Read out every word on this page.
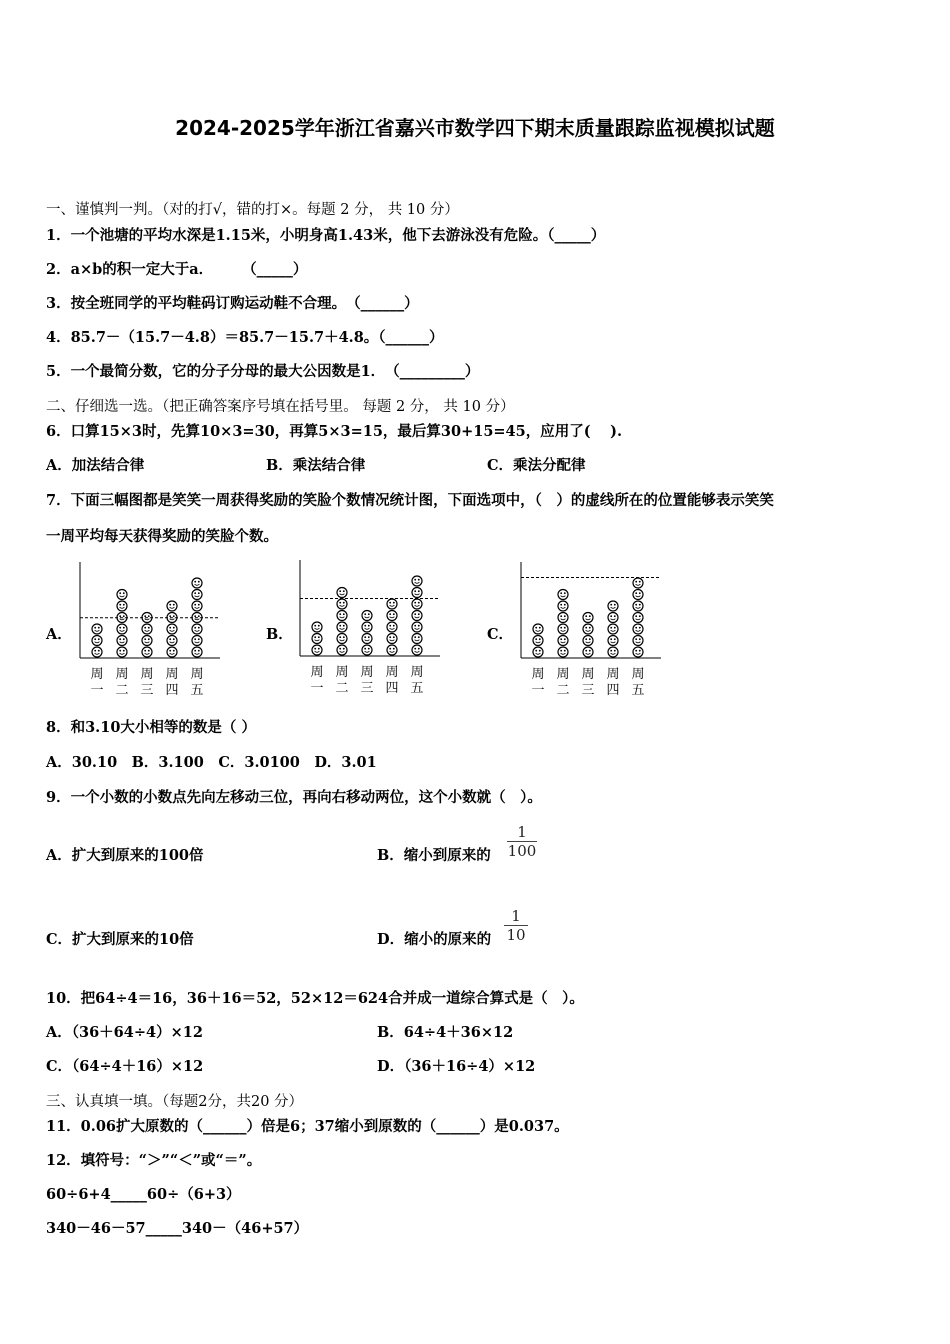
2024-2025学年浙江省嘉兴市数学四下期末质量跟踪监视模拟试题
一、谨慎判一判。（对的打√，错的打×。每题 2 分， 共 10 分）
1．一个池塘的平均水深是1.15米，小明身高1.43米，他下去游泳没有危险。（_____）
2．a×b的积一定大于a．　　　（_____）
3．按全班同学的平均鞋码订购运动鞋不合理。　（______）
4．85.7－（15.7－4.8）＝85.7－15.7＋4.8。（______）
5．一个最简分数，它的分子分母的最大公因数是1．　（_________）
二、仔细选一选。（把正确答案序号填在括号里。 每题 2 分， 共 10 分）
6．口算15×3时，先算10×3=30，再算5×3=15，最后算30+15=45，应用了(　 ).
A．加法结合律	B．乘法结合律	C．乘法分配律
7．下面三幅图都是笑笑一周获得奖励的笑脸个数情况统计图，下面选项中，（　）的虚线所在的位置能够表示笑笑
一周平均每天获得奖励的笑脸个数。
A．	B．	C．
周
一
周
二
周
三
周
四
周
五
周
一
周
二
周
三
周
四
周
五
周
一
周
二
周
三
周
四
周
五
8．和3.10大小相等的数是（ ）
A．30.10　B．3.100　C．3.0100　D．3.01
9．一个小数的小数点先向左移动三位，再向右移动两位，这个小数就（　）。
A．扩大到原来的100倍	B．缩小到原来的 $\frac{1}{100}$
C．扩大到原来的10倍	D．缩小的原来的 $\frac{1}{10}$
10．把64÷4＝16，36＋16＝52，52×12＝624合并成一道综合算式是（　）。
A．（36＋64÷4）×12	B．64÷4＋36×12
C．（64÷4＋16）×12	D．（36＋16÷4）×12
三、认真填一填。（每题2分，共20 分）
11．0.06扩大原数的（______）倍是6；37缩小到原数的（______）是0.037。
12．填符号：“＞”“＜”或“＝”。
60÷6+4_____60÷（6+3）
340－46－57_____340－（46+57）
